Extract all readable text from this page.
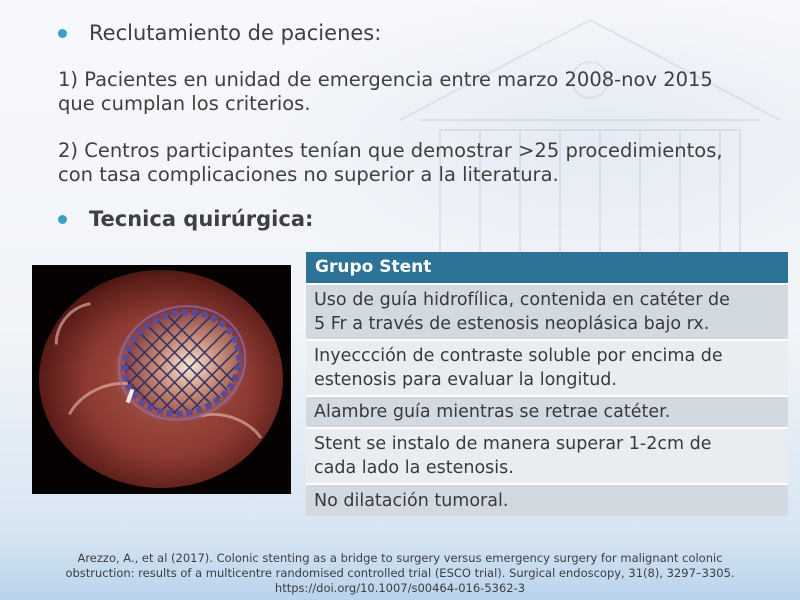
Reclutamiento de pacienes:
1) Pacientes en unidad de emergencia entre marzo 2008-nov 2015
que cumplan los criterios.
2) Centros participantes tenían que demostrar >25 procedimientos,
con tasa complicaciones no superior a la literatura.
Tecnica quirúrgica:
Grupo Stent
Uso de guía hidrofílica, contenida en catéter de
5 Fr a través de estenosis neoplásica bajo rx.
Inyeccción de contraste soluble por encima de
estenosis para evaluar la longitud.
Alambre guía mientras se retrae catéter.
Stent se instalo de manera superar 1-2cm de
cada lado la estenosis.
No dilatación tumoral.
Arezzo, A., et al (2017). Colonic stenting as a bridge to surgery versus emergency surgery for malignant colonic
obstruction: results of a multicentre randomised controlled trial (ESCO trial). Surgical endoscopy, 31(8), 3297–3305.
https://doi.org/10.1007/s00464-016-5362-3
